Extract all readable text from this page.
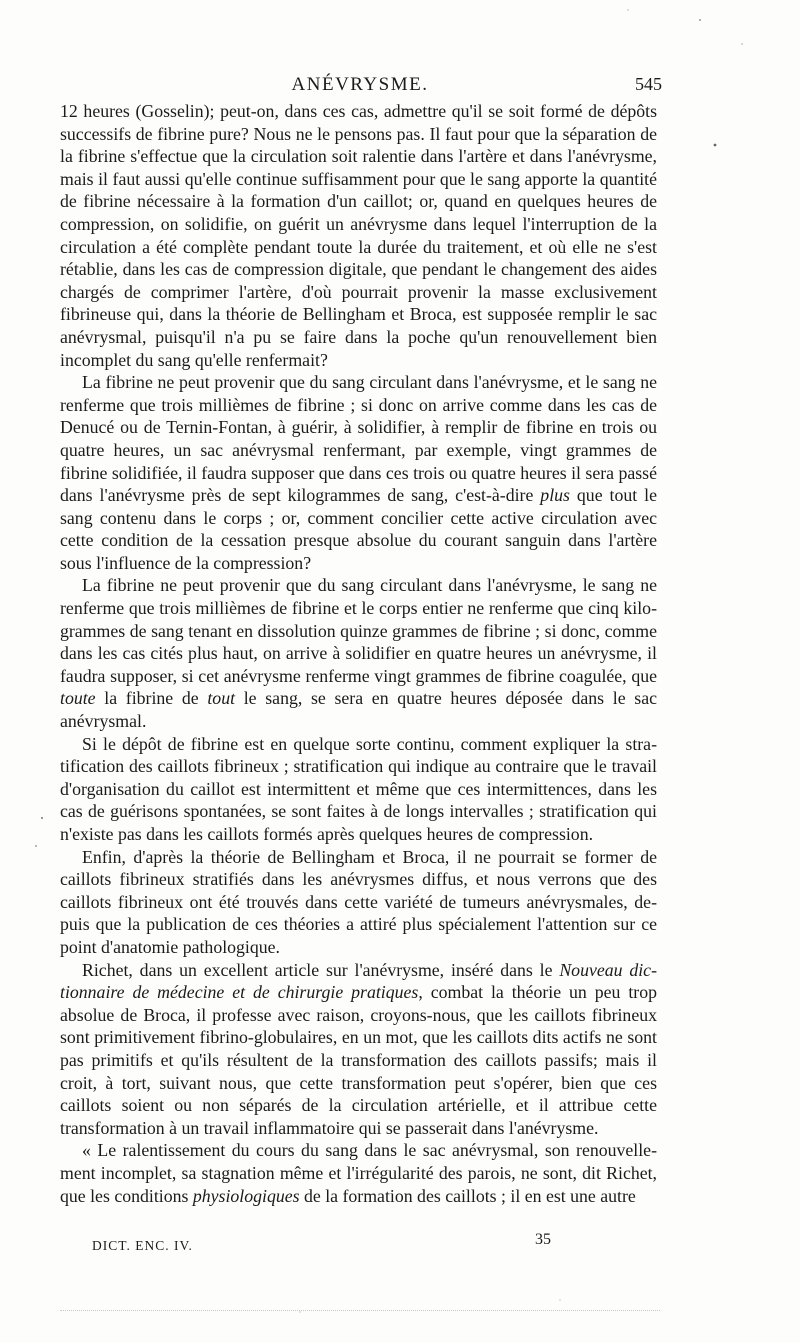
ANÉVRYSME.	545

12 heures (Gosselin); peut-on, dans ces cas, admettre qu'il se soit formé de dépôts successifs de fibrine pure? Nous ne le pensons pas. Il faut pour que la séparation de la fibrine s'effectue que la circulation soit ralentie dans l'artère et dans l'anévrysme, mais il faut aussi qu'elle continue suffisamment pour que le sang apporte la quantité de fibrine nécessaire à la formation d'un caillot; or, quand en quelques heures de compression, on solidifie, on guérit un anévrysme dans lequel l'interruption de la circulation a été complète pendant toute la durée du traitement, et où elle ne s'est rétablie, dans les cas de compression digitale, que pendant le changement des aides chargés de comprimer l'artère, d'où pourrait provenir la masse exclusivement fibrineuse qui, dans la théorie de Bellingham et Broca, est supposée remplir le sac anévrysmal, puisqu'il n'a pu se faire dans la poche qu'un renouvellement bien incomplet du sang qu'elle renfermait?

La fibrine ne peut provenir que du sang circulant dans l'anévrysme, et le sang ne renferme que trois millièmes de fibrine ; si donc on arrive comme dans les cas de Denucé ou de Ternin-Fontan, à guérir, à solidifier, à remplir de fibrine en trois ou quatre heures, un sac anévrysmal renfermant, par exemple, vingt grammes de fibrine solidifiée, il faudra supposer que dans ces trois ou quatre heures il sera passé dans l'anévrysme près de sept kilogrammes de sang, c'est-à-dire plus que tout le sang contenu dans le corps ; or, comment concilier cette active circulation avec cette condition de la cessation presque absolue du courant sanguin dans l'artère sous l'influence de la compression?

La fibrine ne peut provenir que du sang circulant dans l'anévrysme, le sang ne renferme que trois millièmes de fibrine et le corps entier ne renferme que cinq kilogrammes de sang tenant en dissolution quinze grammes de fibrine ; si donc, comme dans les cas cités plus haut, on arrive à solidifier en quatre heures un anévrysme, il faudra supposer, si cet anévrysme renferme vingt grammes de fibrine coagulée, que toute la fibrine de tout le sang, se sera en quatre heures déposée dans le sac anévrysmal.

Si le dépôt de fibrine est en quelque sorte continu, comment expliquer la stratification des caillots fibrineux ; stratification qui indique au contraire que le travail d'organisation du caillot est intermittent et même que ces intermittences, dans les cas de guérisons spontanées, se sont faites à de longs intervalles ; stratification qui n'existe pas dans les caillots formés après quelques heures de compression.

Enfin, d'après la théorie de Bellingham et Broca, il ne pourrait se former de caillots fibrineux stratifiés dans les anévrysmes diffus, et nous verrons que des caillots fibrineux ont été trouvés dans cette variété de tumeurs anévrysmales, depuis que la publication de ces théories a attiré plus spécialement l'attention sur ce point d'anatomie pathologique.

Richet, dans un excellent article sur l'anévrysme, inséré dans le Nouveau dictionnaire de médecine et de chirurgie pratiques, combat la théorie un peu trop absolue de Broca, il professe avec raison, croyons-nous, que les caillots fibrineux sont primitivement fibrino-globulaires, en un mot, que les caillots dits actifs ne sont pas primitifs et qu'ils résultent de la transformation des caillots passifs; mais il croit, à tort, suivant nous, que cette transformation peut s'opérer, bien que ces caillots soient ou non séparés de la circulation artérielle, et il attribue cette transformation à un travail inflammatoire qui se passerait dans l'anévrysme.

« Le ralentissement du cours du sang dans le sac anévrysmal, son renouvellement incomplet, sa stagnation même et l'irrégularité des parois, ne sont, dit Richet, que les conditions physiologiques de la formation des caillots ; il en est une autre

DICT. ENC. IV.	35
